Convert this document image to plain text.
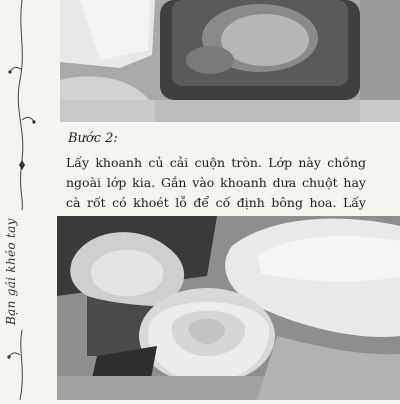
Bạn gái khéo tay
Bước 2:
Lấy khoanh củ cải cuộn tròn. Lớp này chồng ngoài lớp kia. Gắn vào khoanh dưa chuột hay cà rốt có khoét lỗ để cố định bông hoa. Lấy
